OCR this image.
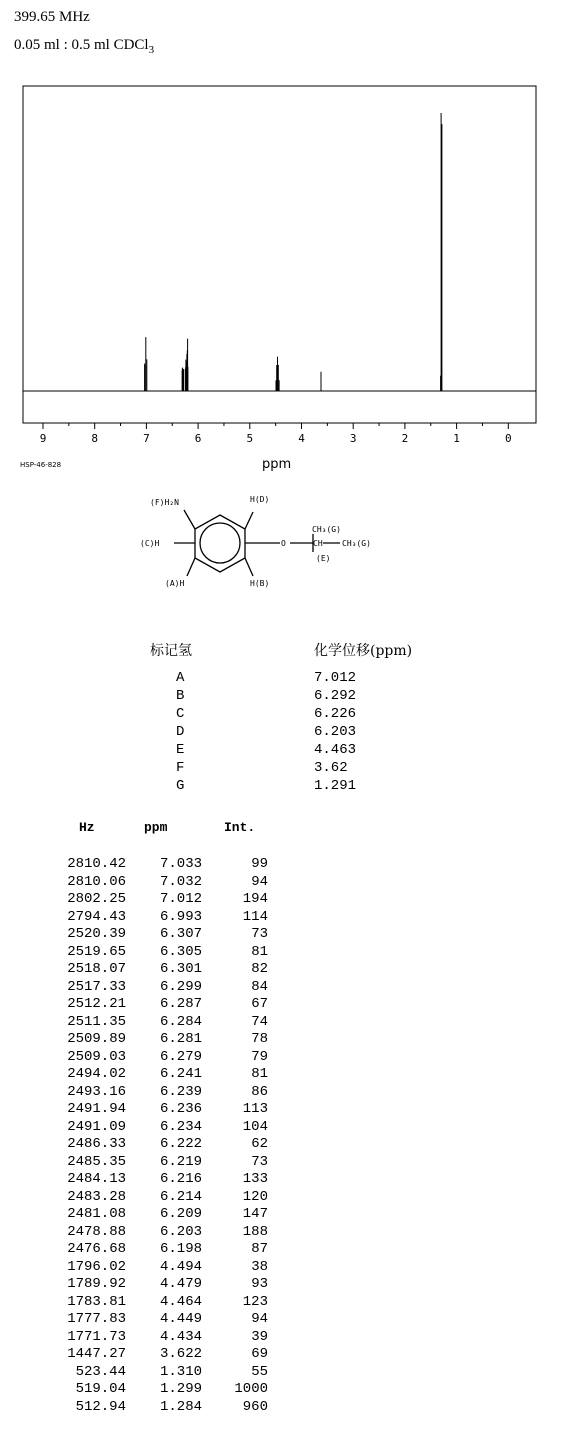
399.65 MHz
0.05 ml : 0.5 ml CDCl$_3$
9	8	7	6	5	4	3	2	1	0
HSP-46-828	ppm
(F)H₂N	H(D)
(C)H
(A)H	H(B)
O
CH₃(G)
CH CH₃(G)
(E)
标记氢	化学位移(ppm)
A	7.012
B	6.292
C	6.226
D	6.203
E	4.463
F	3.62
G	1.291
Hz	ppm	Int.
2810.42 7.033	99
2810.06 7.032	94
2802.25 7.012	194
2794.43 6.993	114
2520.39 6.307	73
2519.65 6.305	81
2518.07 6.301	82
2517.33 6.299	84
2512.21 6.287	67
2511.35 6.284	74
2509.89 6.281	78
2509.03 6.279	79
2494.02 6.241	81
2493.16 6.239	86
2491.94 6.236	113
2491.09 6.234	104
2486.33 6.222	62
2485.35 6.219	73
2484.13 6.216	133
2483.28 6.214	120
2481.08 6.209	147
2478.88 6.203	188
2476.68 6.198	87
1796.02 4.494	38
1789.92 4.479	93
1783.81 4.464	123
1777.83 4.449	94
1771.73 4.434	39
1447.27 3.622	69
523.44 1.310	55
519.04 1.299 1000
512.94 1.284	960
